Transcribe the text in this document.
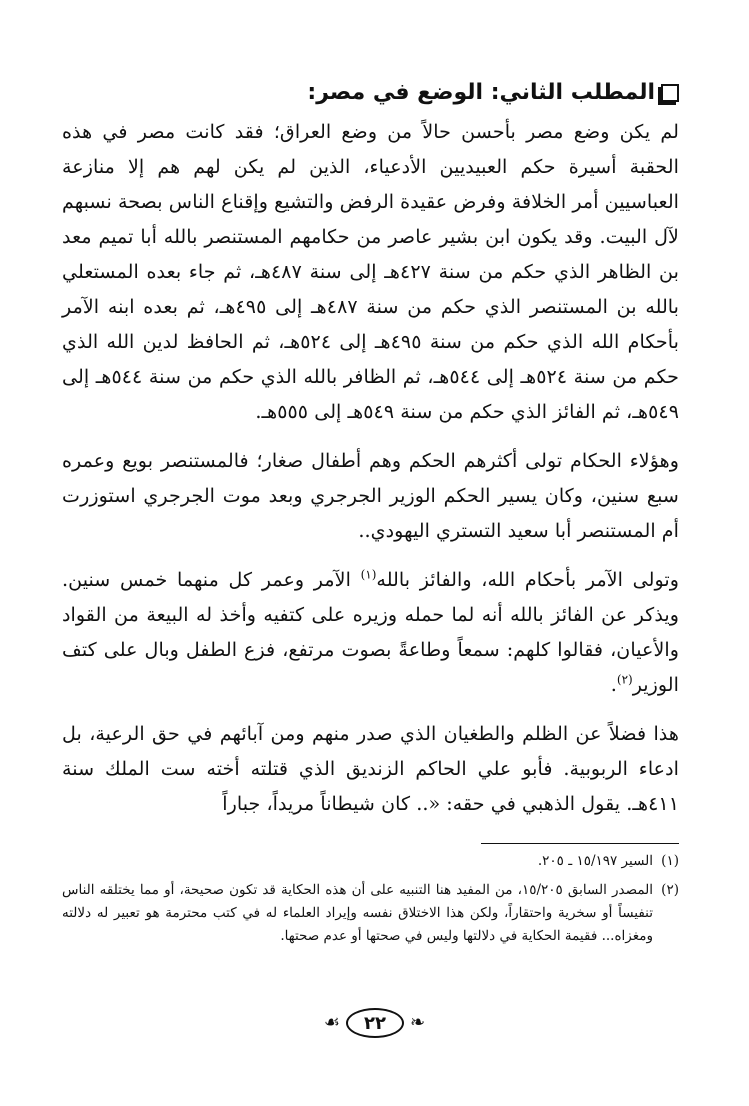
المطلب الثاني: الوضع في مصر:

لم يكن وضع مصر بأحسن حالاً من وضع العراق؛ فقد كانت مصر في هذه الحقبة أسيرة حكم العبيديين الأدعياء، الذين لم يكن لهم هم إلا منازعة العباسيين أمر الخلافة وفرض عقيدة الرفض والتشيع وإقناع الناس بصحة نسبهم لآل البيت. وقد يكون ابن بشير عاصر من حكامهم المستنصر بالله أبا تميم معد بن الظاهر الذي حكم من سنة ٤٢٧هـ إلى سنة ٤٨٧هـ، ثم جاء بعده المستعلي بالله بن المستنصر الذي حكم من سنة ٤٨٧هـ إلى ٤٩٥هـ، ثم بعده ابنه الآمر بأحكام الله الذي حكم من سنة ٤٩٥هـ إلى ٥٢٤هـ، ثم الحافظ لدين الله الذي حكم من سنة ٥٢٤هـ إلى ٥٤٤هـ، ثم الظافر بالله الذي حكم من سنة ٥٤٤هـ إلى ٥٤٩هـ، ثم الفائز الذي حكم من سنة ٥٤٩هـ إلى ٥٥٥هـ.

وهؤلاء الحكام تولى أكثرهم الحكم وهم أطفال صغار؛ فالمستنصر بويع وعمره سبع سنين، وكان يسير الحكم الوزير الجرجري وبعد موت الجرجري استوزرت أم المستنصر أبا سعيد التستري اليهودي..

وتولى الآمر بأحكام الله، والفائز بالله$^{(١)}$ الآمر وعمر كل منهما خمس سنين. ويذكر عن الفائز بالله أنه لما حمله وزيره على كتفيه وأخذ له البيعة من القواد والأعيان، فقالوا كلهم: سمعاً وطاعةً بصوت مرتفع، فزع الطفل وبال على كتف الوزير$^{(٢)}$.

هذا فضلاً عن الظلم والطغيان الذي صدر منهم ومن آبائهم في حق الرعية، بل ادعاء الربوبية. فأبو علي الحاكم الزنديق الذي قتلته أخته ست الملك سنة ٤١١هـ. يقول الذهبي في حقه: «.. كان شيطاناً مريداً، جباراً

(١)
السير ١٥/١٩٧ ـ ٢٠٥.
(٢)
المصدر السابق ١٥/٢٠٥، من المفيد هنا التنبيه على أن هذه الحكاية قد تكون صحيحة، أو مما يختلقه الناس تنفيساً أو سخرية واحتقاراً، ولكن هذا الاختلاق نفسه وإيراد العلماء له في كتب محترمة هو تعبير له دلالته ومغزاه... فقيمة الحكاية في دلالتها وليس في صحتها أو عدم صحتها.
❧
٢٢
☙
